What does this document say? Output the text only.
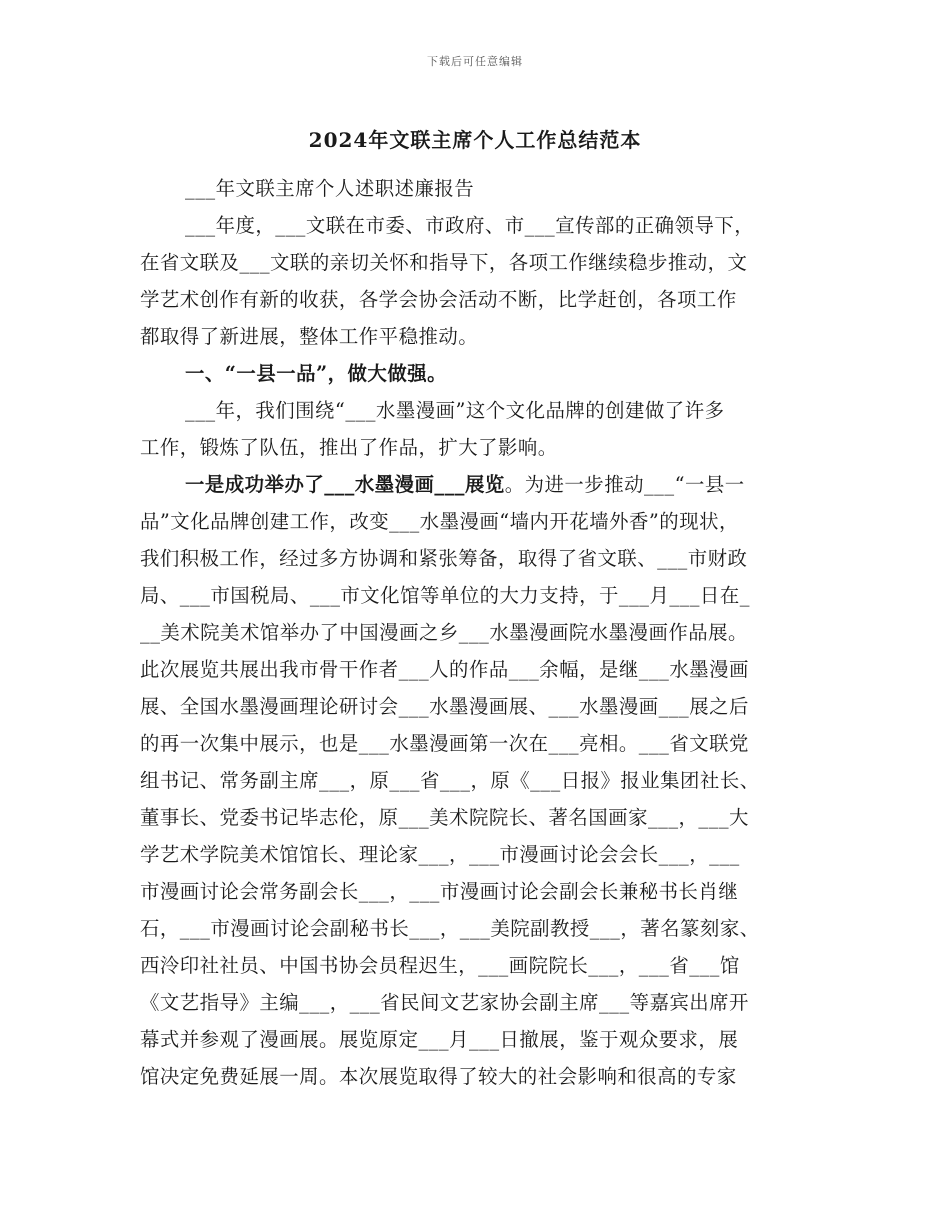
下载后可任意编辑
2024年文联主席个人工作总结范本
___年文联主席个人述职述廉报告
___年度，___文联在市委、市政府、市___宣传部的正确领导下，
在省文联及___文联的亲切关怀和指导下，各项工作继续稳步推动，文
学艺术创作有新的收获，各学会协会活动不断，比学赶创，各项工作
都取得了新进展，整体工作平稳推动。
一、“一县一品”，做大做强。
___年，我们围绕“___水墨漫画”这个文化品牌的创建做了许多
工作，锻炼了队伍，推出了作品，扩大了影响。
一是成功举办了___水墨漫画___展览。为进一步推动___“一县一
品”文化品牌创建工作，改变___水墨漫画“墙内开花墙外香”的现状，
我们积极工作，经过多方协调和紧张筹备，取得了省文联、___市财政
局、___市国税局、___市文化馆等单位的大力支持，于___月___日在_
__美术院美术馆举办了中国漫画之乡___水墨漫画院水墨漫画作品展。
此次展览共展出我市骨干作者___人的作品___余幅，是继___水墨漫画
展、全国水墨漫画理论研讨会___水墨漫画展、___水墨漫画___展之后
的再一次集中展示，也是___水墨漫画第一次在___亮相。___省文联党
组书记、常务副主席___，原___省___，原《___日报》报业集团社长、
董事长、党委书记毕志伦，原___美术院院长、著名国画家___，___大
学艺术学院美术馆馆长、理论家___，___市漫画讨论会会长___，___
市漫画讨论会常务副会长___，___市漫画讨论会副会长兼秘书长肖继
石，___市漫画讨论会副秘书长___，___美院副教授___，著名篆刻家、
西泠印社社员、中国书协会员程迟生，___画院院长___，___省___馆
《文艺指导》主编___，___省民间文艺家协会副主席___等嘉宾出席开
幕式并参观了漫画展。展览原定___月___日撤展，鉴于观众要求，展
馆决定免费延展一周。本次展览取得了较大的社会影响和很高的专家
